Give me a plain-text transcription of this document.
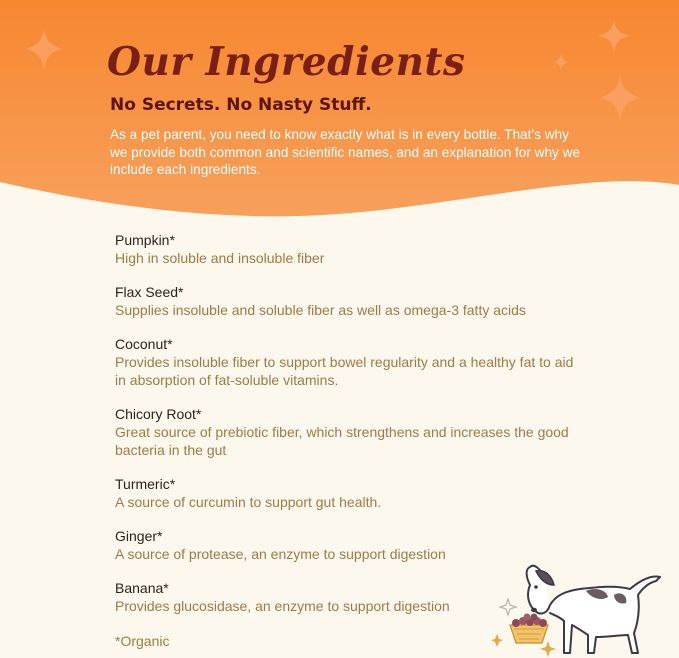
Our Ingredients
No Secrets. No Nasty Stuff.

As a pet parent, you need to know exactly what is in every bottle. That’s why we provide both common and scientific names, and an explanation for why we include each ingredients.

Pumpkin*
High in soluble and insoluble fiber
Flax Seed*
Supplies insoluble and soluble fiber as well as omega-3 fatty acids
Coconut*
Provides insoluble fiber to support bowel regularity and a healthy fat to aid in absorption of fat-soluble vitamins.
Chicory Root*
Great source of prebiotic fiber, which strengthens and increases the good bacteria in the gut
Turmeric*
A source of curcumin to support gut health.
Ginger*
A source of protease, an enzyme to support digestion
Banana*
Provides glucosidase, an enzyme to support digestion

*Organic
